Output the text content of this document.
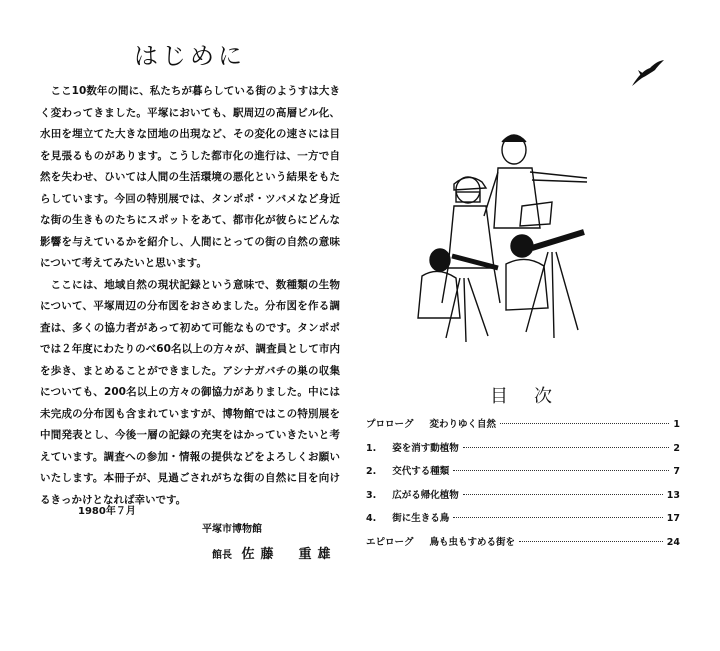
はじめに

ここ10数年の間に、私たちが暮らしている街のようすは大きく変わってきました。平塚においても、駅周辺の高層ビル化、水田を埋立てた大きな団地の出現など、その変化の速さには目を見張るものがあります。こうした都市化の進行は、一方で自然を失わせ、ひいては人間の生活環境の悪化という結果をもたらしています。今回の特別展では、タンポポ・ツバメなど身近な街の生きものたちにスポットをあて、都市化が彼らにどんな影響を与えているかを紹介し、人間にとっての街の自然の意味について考えてみたいと思います。

ここには、地域自然の現状記録という意味で、数種類の生物について、平塚周辺の分布図をおさめました。分布図を作る調査は、多くの協力者があって初めて可能なものです。タンポポでは２年度にわたりのべ60名以上の方々が、調査員として市内を歩き、まとめることができました。アシナガバチの巣の収集についても、200名以上の方々の御協力がありました。中には未完成の分布図も含まれていますが、博物館ではこの特別展を中間発表とし、今後一層の記録の充実をはかっていきたいと考えています。調査への参加・情報の提供などをよろしくお願いいたします。本冊子が、見過ごされがちな街の自然に目を向けるきっかけとなれば幸いです。

1980年７月
平塚市博物館
館長 佐藤　重雄
目次
プロローグ 変わりゆく自然	1
1. 姿を消す動植物	2
2. 交代する種類	7
3. 広がる帰化植物	13
4. 街に生きる鳥	17
エピローグ 鳥も虫もすめる街を	24
